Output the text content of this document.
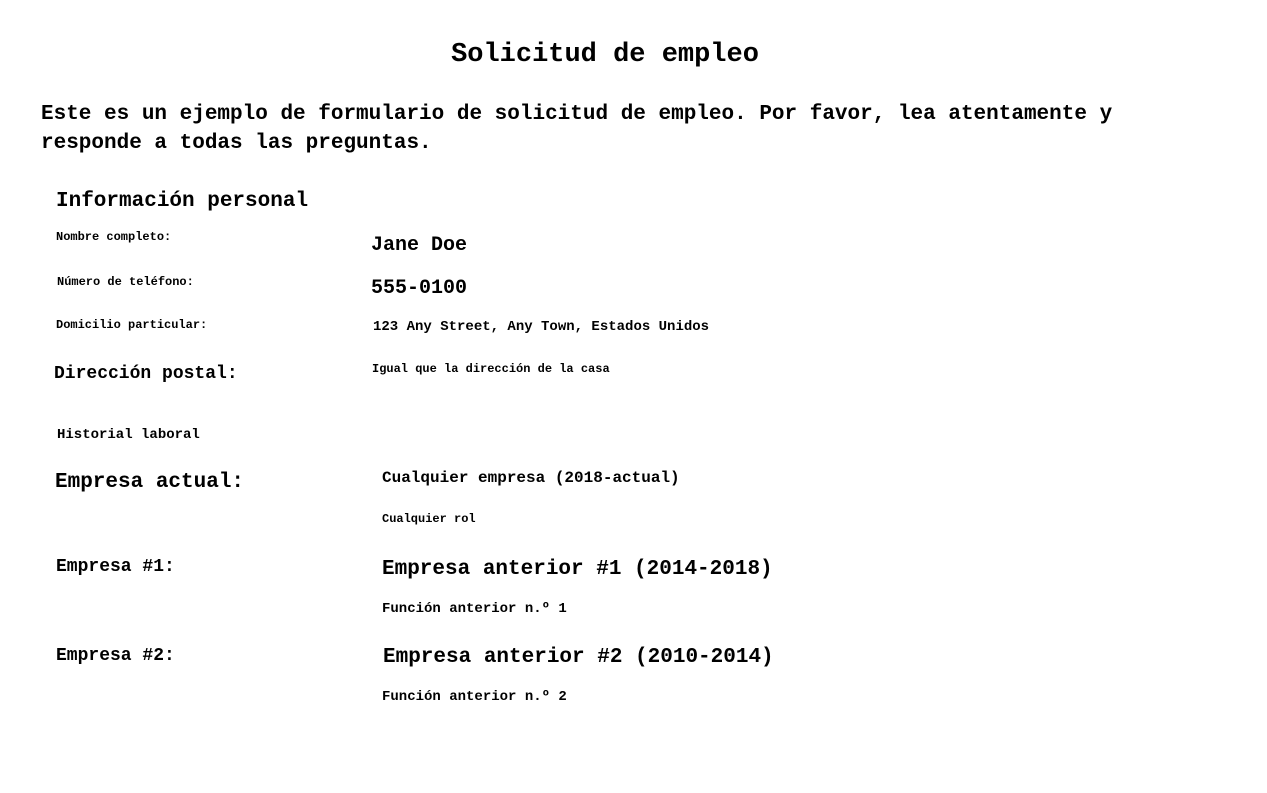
Solicitud de empleo
Este es un ejemplo de formulario de solicitud de empleo. Por favor, lea atentamente y responde a todas las preguntas.
Información personal
Nombre completo:	Jane Doe
Número de teléfono:	555-0100
Domicilio particular:	123 Any Street, Any Town, Estados Unidos
Dirección postal:	Igual que la dirección de la casa
Historial laboral
Empresa actual:	Cualquier empresa (2018-actual)
Cualquier rol
Empresa #1:	Empresa anterior #1 (2014-2018)
Función anterior n.º 1
Empresa #2:	Empresa anterior #2 (2010-2014)
Función anterior n.º 2
